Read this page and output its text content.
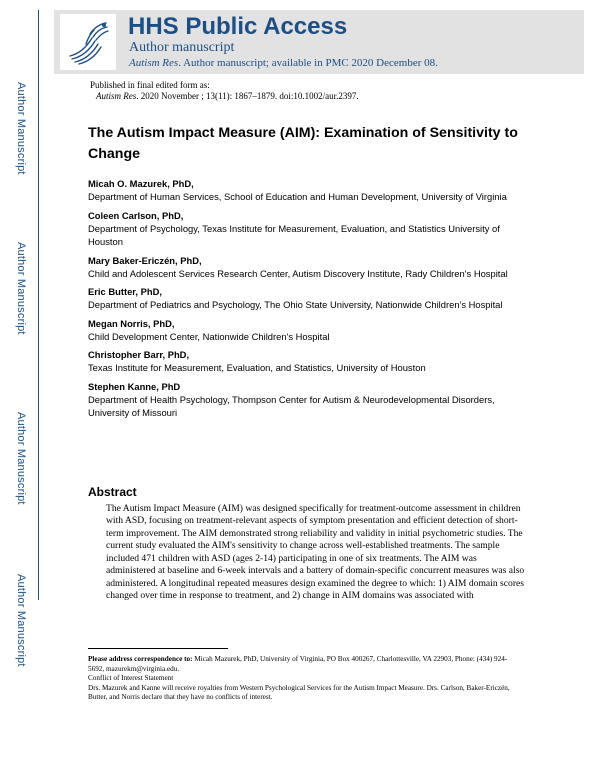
Author Manuscript
Author Manuscript
Author Manuscript
Author Manuscript
HHS Public Access
Author manuscript
Autism Res. Author manuscript; available in PMC 2020 December 08.
Published in final edited form as:
Autism Res. 2020 November ; 13(11): 1867–1879. doi:10.1002/aur.2397.
The Autism Impact Measure (AIM): Examination of Sensitivity to Change
Micah O. Mazurek, PhD,
Department of Human Services, School of Education and Human Development, University of Virginia
Coleen Carlson, PhD,
Department of Psychology, Texas Institute for Measurement, Evaluation, and Statistics University of Houston
Mary Baker-Ericzén, PhD,
Child and Adolescent Services Research Center, Autism Discovery Institute, Rady Children's Hospital
Eric Butter, PhD,
Department of Pediatrics and Psychology, The Ohio State University, Nationwide Children's Hospital
Megan Norris, PhD,
Child Development Center, Nationwide Children's Hospital
Christopher Barr, PhD,
Texas Institute for Measurement, Evaluation, and Statistics, University of Houston
Stephen Kanne, PhD
Department of Health Psychology, Thompson Center for Autism & Neurodevelopmental Disorders, University of Missouri
Abstract
The Autism Impact Measure (AIM) was designed specifically for treatment-outcome assessment in children with ASD, focusing on treatment-relevant aspects of symptom presentation and efficient detection of short-term improvement. The AIM demonstrated strong reliability and validity in initial psychometric studies. The current study evaluated the AIM's sensitivity to change across well-established treatments. The sample included 471 children with ASD (ages 2-14) participating in one of six treatments. The AIM was administered at baseline and 6-week intervals and a battery of domain-specific concurrent measures was also administered. A longitudinal repeated measures design examined the degree to which: 1) AIM domain scores changed over time in response to treatment, and 2) change in AIM domains was associated with

Please address correspondence to: Micah Mazurek, PhD, University of Virginia, PO Box 400267, Charlottesville, VA 22903, Phone: (434) 924-5692, mazurekm@virginia.edu.

Conflict of Interest Statement

Drs. Mazurek and Kanne will receive royalties from Western Psychological Services for the Autism Impact Measure. Drs. Carlson, Baker-Ericzén, Butter, and Norris declare that they have no conflicts of interest.
